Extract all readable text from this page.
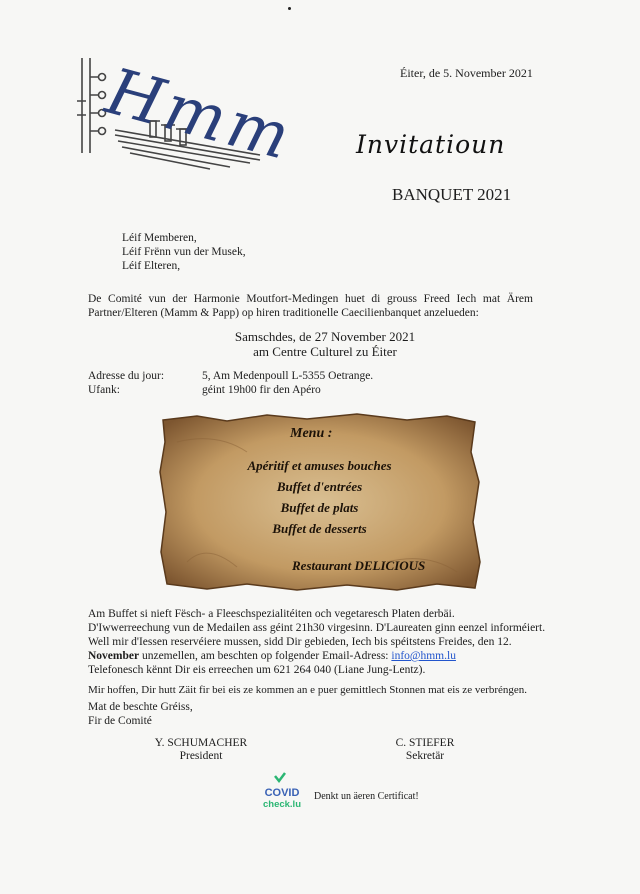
Hmm	Éiter, de 5. November 2021
Invitatioun
BANQUET 2021
Léif Memberen,
Léif Frënn vun der Musek,
Léif Elteren,
De Comité vun der Harmonie Moutfort-Medingen huet di grouss Freed Iech mat Ärem Partner/Elteren (Mamm & Papp) op hiren traditionelle Caecilienbanquet anzelueden:
Samschdes, de 27 November 2021
am Centre Culturel zu Éiter
Adresse du jour:	5, Am Medenpoull L-5355 Oetrange.
Ufank:	géint 19h00 fir den Apéro
Menu :
Apéritif et amuses bouches
Buffet d'entrées
Buffet de plats
Buffet de desserts
Restaurant DELICIOUS
Am Buffet si nieft Fësch- a Fleeschspezialitéiten och vegetaresch Platen derbäi.
D'Iwwerreechung vun de Medailen ass géint 21h30 virgesinn. D'Laureaten ginn eenzel informéiert.
Well mir d'Iessen reservéiere mussen, sidd Dir gebieden, Iech bis spéitstens Freides, den 12.
November unzemellen, am beschten op folgender Email-Adress: info@hmm.lu
Telefonesch kënnt Dir eis erreechen um 621 264 040 (Liane Jung-Lentz).
Mir hoffen, Dir hutt Zäit fir bei eis ze kommen an e puer gemittlech Stonnen mat eis ze verbréngen.
Mat de beschte Gréiss,
Fir de Comité
Y. SCHUMACHER
President
C. STIEFER
Sekretär
COVID
check.lu
Denkt un äeren Certificat!
